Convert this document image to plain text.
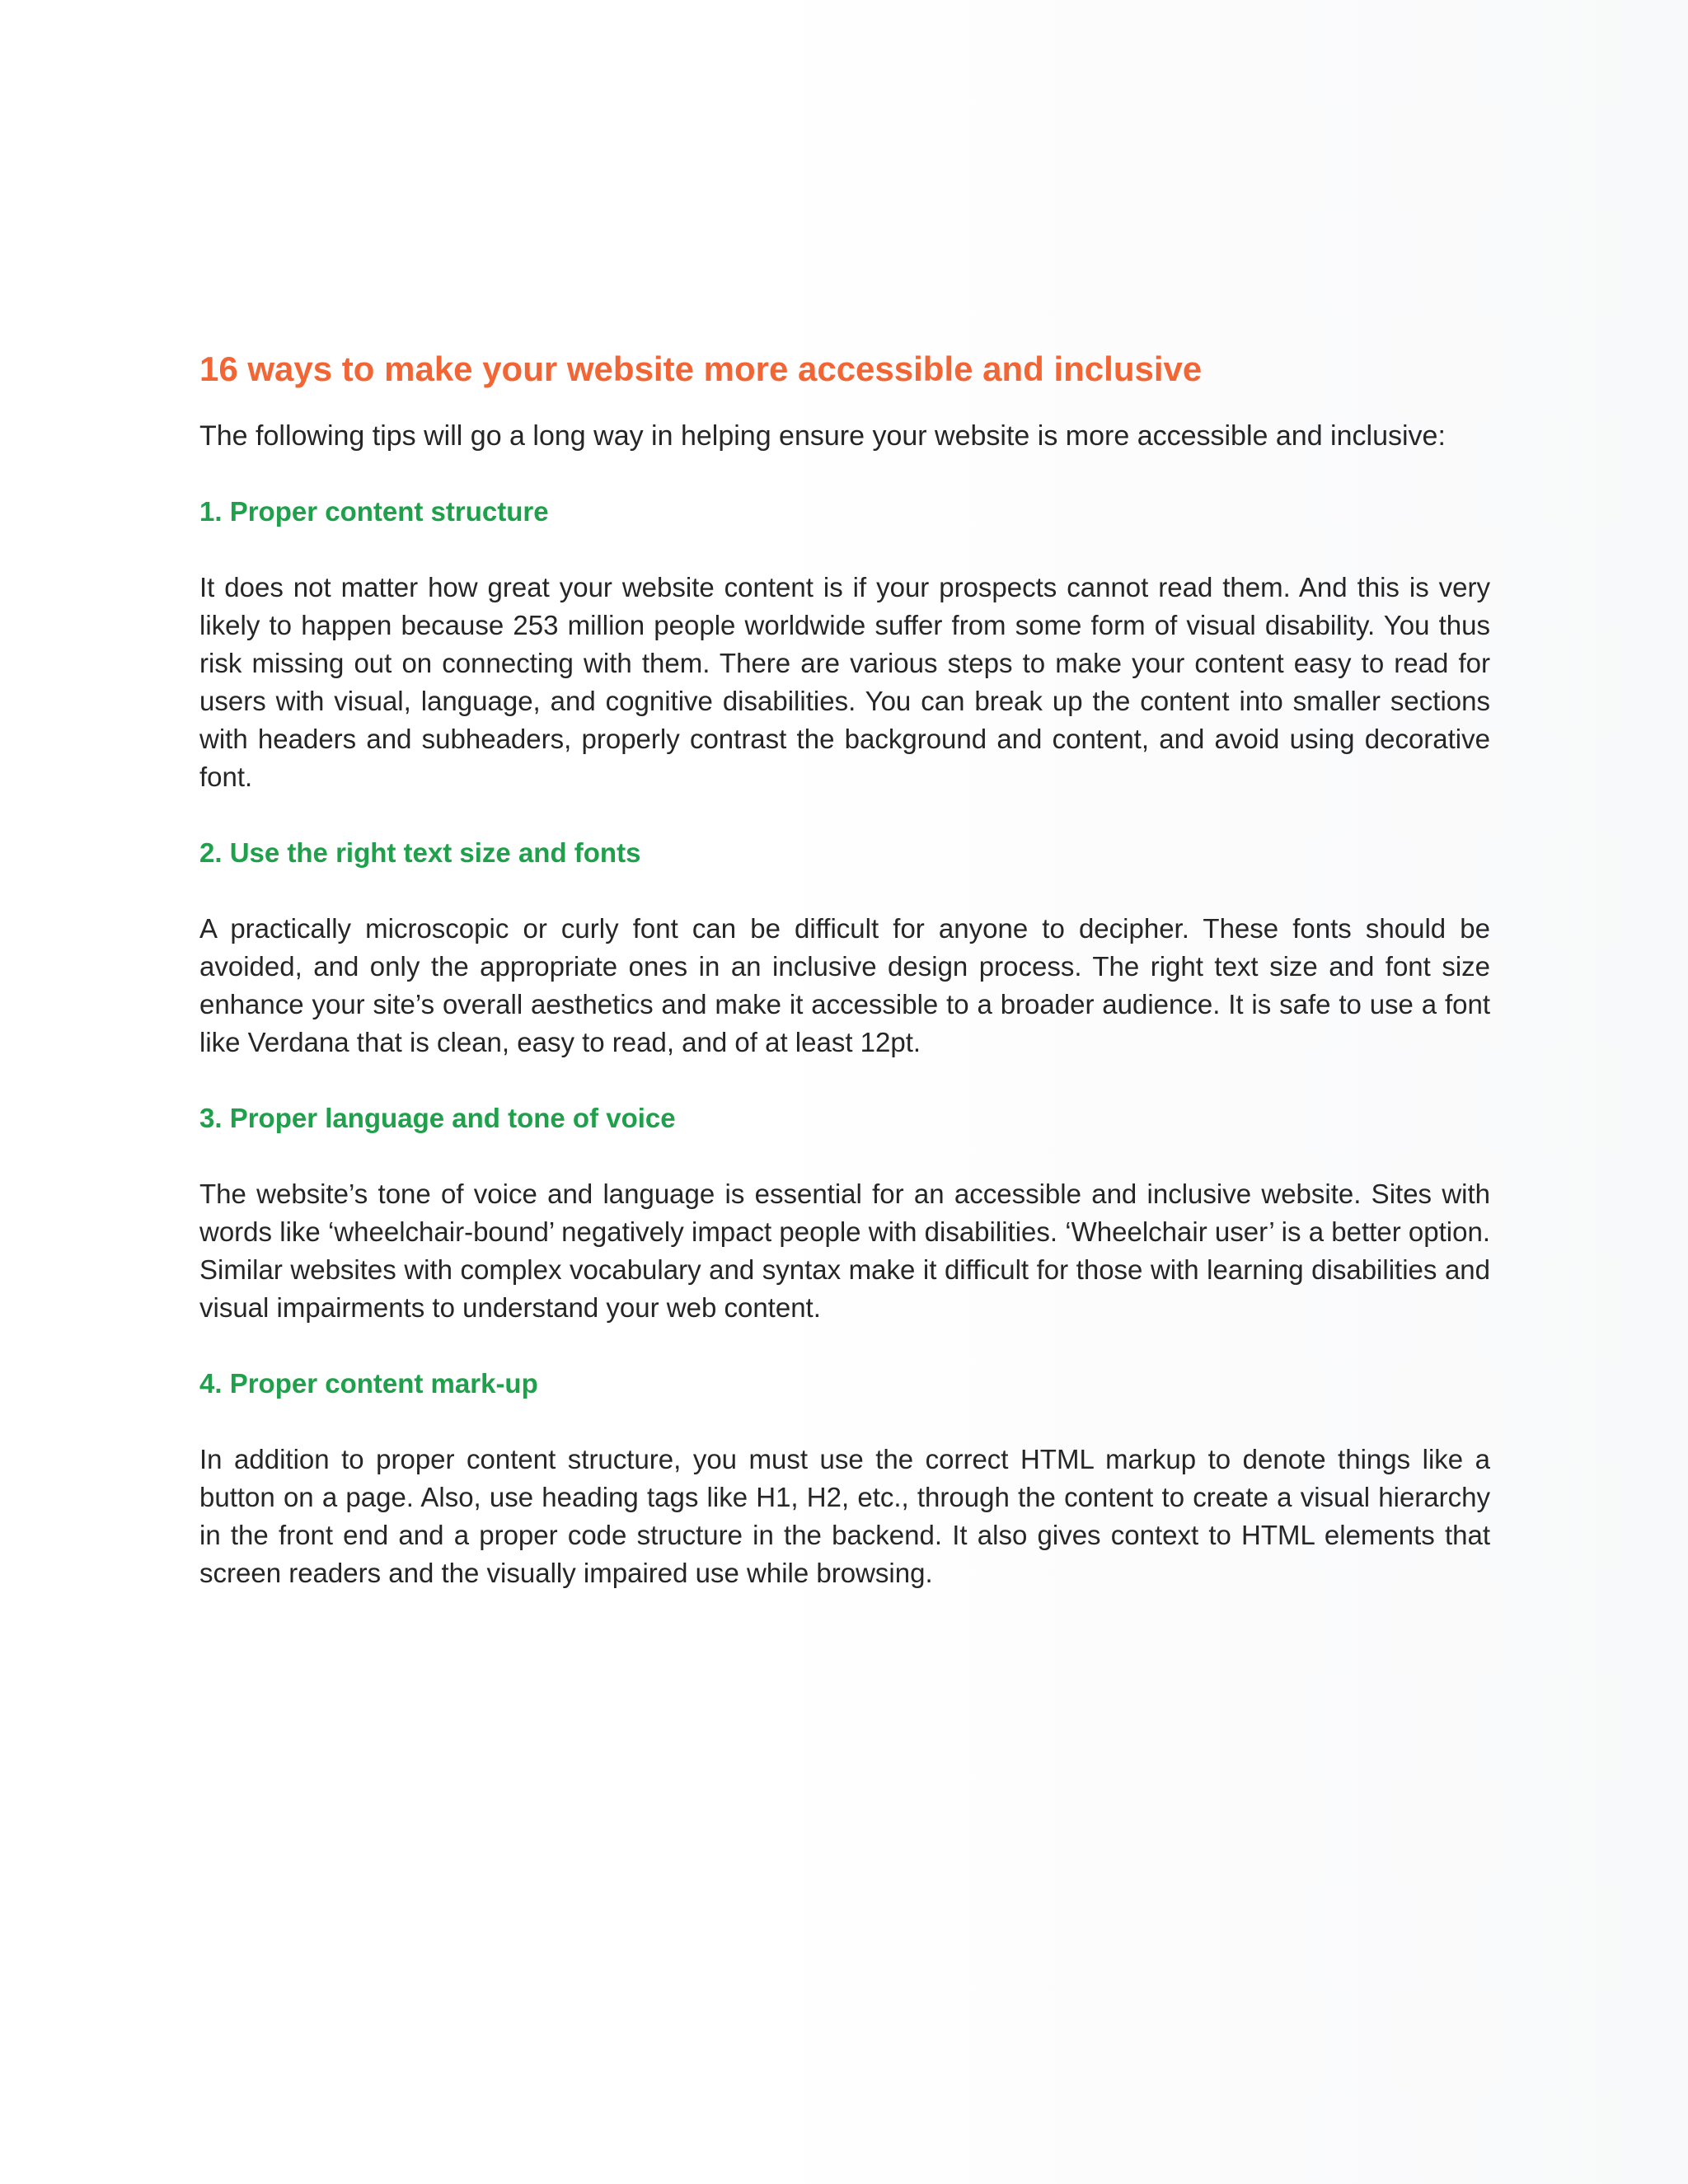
16 ways to make your website more accessible and inclusive

The following tips will go a long way in helping ensure your website is more accessible and inclusive:

1. Proper content structure

It does not matter how great your website content is if your prospects cannot read them. And this is very likely to happen because 253 million people worldwide suffer from some form of visual disability. You thus risk missing out on connecting with them. There are various steps to make your content easy to read for users with visual, language, and cognitive disabilities. You can break up the content into smaller sections with headers and subheaders, properly contrast the background and content, and avoid using decorative font.

2. Use the right text size and fonts

A practically microscopic or curly font can be difficult for anyone to decipher. These fonts should be avoided, and only the appropriate ones in an inclusive design process. The right text size and font size enhance your site’s overall aesthetics and make it accessible to a broader audience. It is safe to use a font like Verdana that is clean, easy to read, and of at least 12pt.

3. Proper language and tone of voice

The website’s tone of voice and language is essential for an accessible and inclusive website. Sites with words like ‘wheelchair-bound’ negatively impact people with disabilities. ‘Wheelchair user’ is a better option. Similar websites with complex vocabulary and syntax make it difficult for those with learning disabilities and visual impairments to understand your web content.

4. Proper content mark-up

In addition to proper content structure, you must use the correct HTML markup to denote things like a button on a page. Also, use heading tags like H1, H2, etc., through the content to create a visual hierarchy in the front end and a proper code structure in the backend. It also gives context to HTML elements that screen readers and the visually impaired use while browsing.
